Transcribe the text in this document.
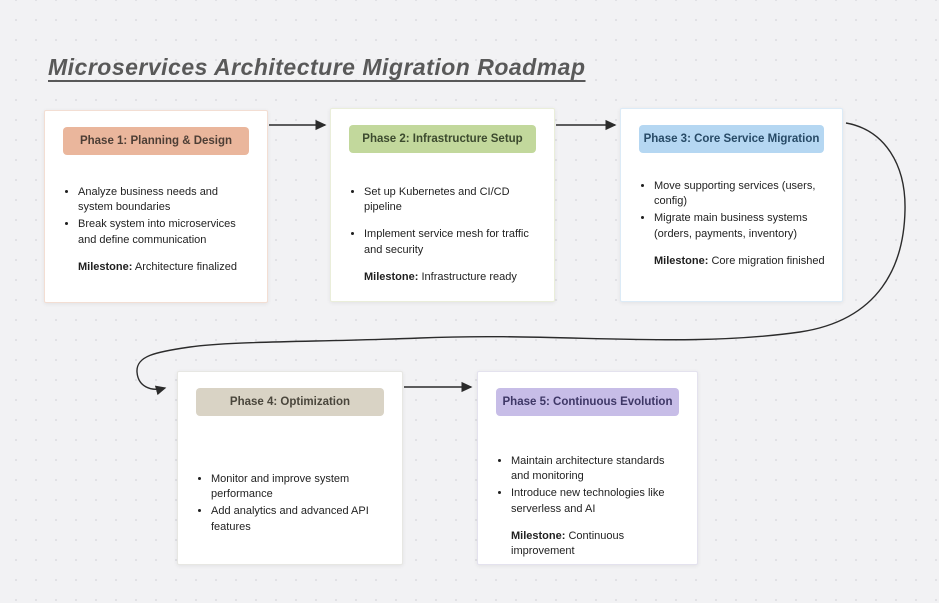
Microservices Architecture Migration Roadmap
Phase 1: Planning & Design
• Analyze business needs and system boundaries
• Break system into microservices and define communication
Milestone: Architecture finalized
Phase 2: Infrastructure Setup
• Set up Kubernetes and CI/CD pipeline
• Implement service mesh for traffic and security
Milestone: Infrastructure ready
Phase 3: Core Service Migration
• Move supporting services (users, config)
• Migrate main business systems (orders, payments, inventory)
Milestone: Core migration finished
Phase 4: Optimization
• Monitor and improve system performance
• Add analytics and advanced API features
Phase 5: Continuous Evolution
• Maintain architecture standards and monitoring
• Introduce new technologies like serverless and AI
Milestone: Continuous improvement
